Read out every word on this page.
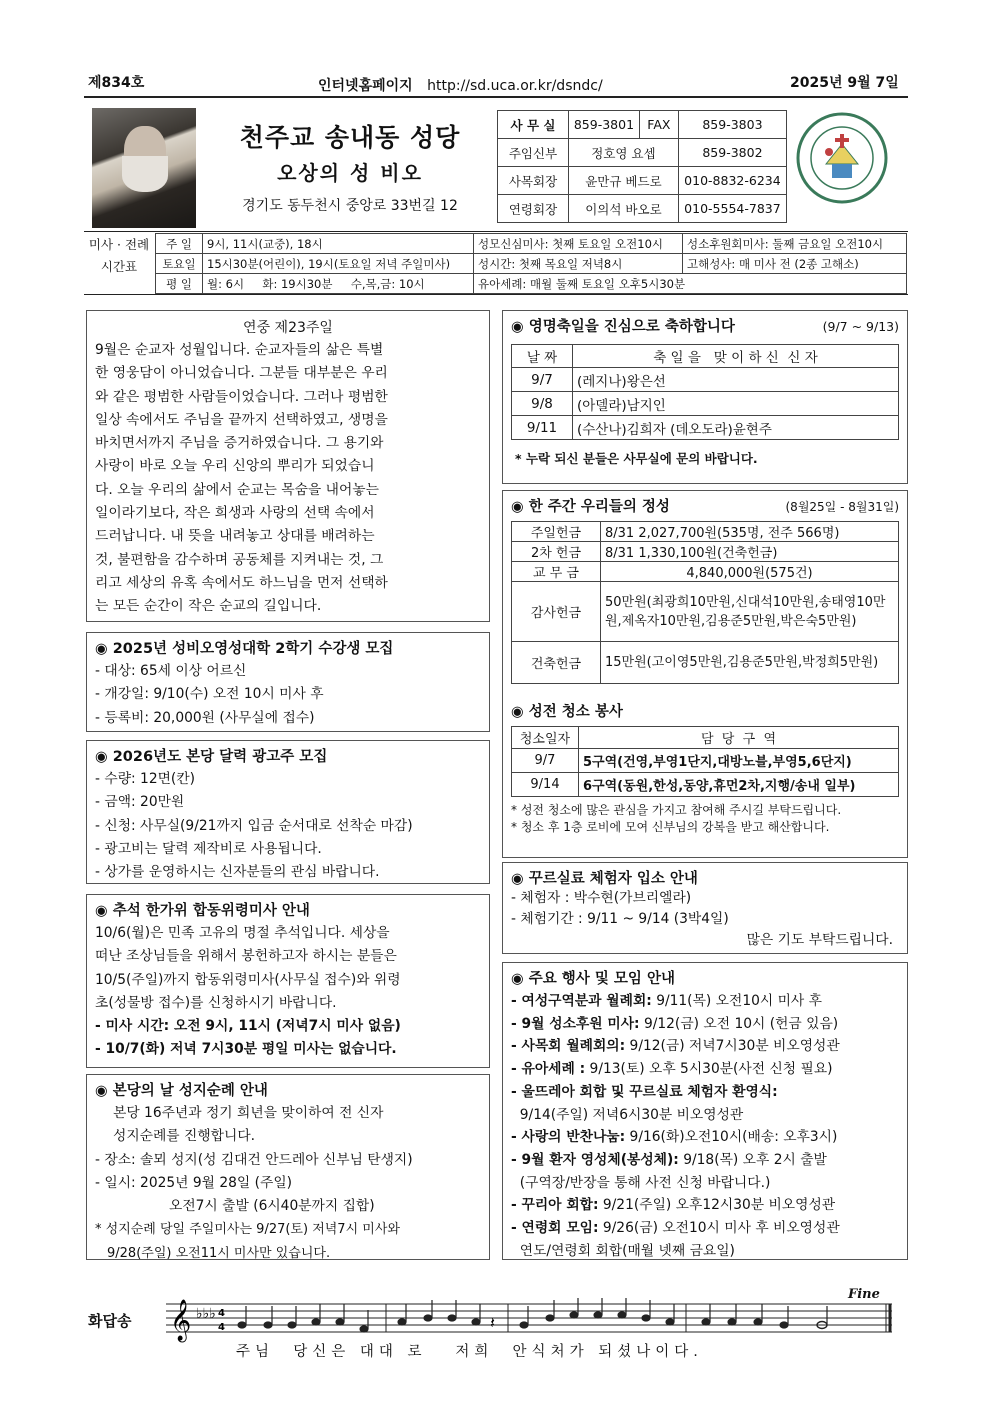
제834호	인터넷홈페이지 http://sd.uca.or.kr/dsndc/	2025년 9월 7일
천주교 송내동 성당
오상의 성 비오
경기도 동두천시 중앙로 33번길 12
사 무 실	859-3801	FAX	859-3803
주임신부	정호영 요셉		859-3802
사목회장	윤만규 베드로		010-8832-6234
연령회장	이의석 바오로		010-5554-7837
미사 · 전례 시간표
주 일	9시, 11시(교중), 18시	성모신심미사: 첫째 토요일 오전10시	성소후원회미사: 둘째 금요일 오전10시
토요일	15시30분(어린이), 19시(토요일 저녁 주일미사)	성시간: 첫째 목요일 저녁8시	고해성사: 매 미사 전 (2종 고해소)
평 일	월: 6시     화: 19시30분     수,목,금: 10시	유아세례: 매월 둘째 토요일 오후5시30분	
연중 제23주일
9월은 순교자 성월입니다. 순교자들의 삶은 특별
한 영웅담이 아니었습니다. 그분들 대부분은 우리
와 같은 평범한 사람들이었습니다. 그러나 평범한
일상 속에서도 주님을 끝까지 선택하였고, 생명을
바치면서까지 주님을 증거하였습니다. 그 용기와
사랑이 바로 오늘 우리 신앙의 뿌리가 되었습니
다. 오늘 우리의 삶에서 순교는 목숨을 내어놓는
일이라기보다, 작은 희생과 사랑의 선택 속에서
드러납니다. 내 뜻을 내려놓고 상대를 배려하는
것, 불편함을 감수하며 공동체를 지켜내는 것, 그
리고 세상의 유혹 속에서도 하느님을 먼저 선택하
는 모든 순간이 작은 순교의 길입니다.
◉ 2025년 성비오영성대학 2학기 수강생 모집
- 대상: 65세 이상 어르신
- 개강일: 9/10(수) 오전 10시 미사 후
- 등록비: 20,000원 (사무실에 접수)
◉ 2026년도 본당 달력 광고주 모집
- 수량: 12면(칸)
- 금액: 20만원
- 신청: 사무실(9/21까지 입금 순서대로 선착순 마감)
- 광고비는 달력 제작비로 사용됩니다.
- 상가를 운영하시는 신자분들의 관심 바랍니다.
◉ 추석 한가위 합동위령미사 안내
10/6(월)은 민족 고유의 명절 추석입니다. 세상을
떠난 조상님들을 위해서 봉헌하고자 하시는 분들은
10/5(주일)까지 합동위령미사(사무실 접수)와 위령
초(성물방 접수)를 신청하시기 바랍니다.
- 미사 시간: 오전 9시, 11시 (저녁7시 미사 없음)
- 10/7(화) 저녁 7시30분 평일 미사는 없습니다.
◉ 본당의 날 성지순례 안내
본당 16주년과 정기 희년을 맞이하여 전 신자
성지순례를 진행합니다.
- 장소: 솔뫼 성지(성 김대건 안드레아 신부님 탄생지)
- 일시: 2025년 9월 28일 (주일)
오전7시 출발 (6시40분까지 집합)
* 성지순례 당일 주일미사는 9/27(토) 저녁7시 미사와
9/28(주일) 오전11시 미사만 있습니다.
◉ 영명축일을 진심으로 축하합니다	(9/7 ~ 9/13)
날 짜	축 일 을   맞 이 하 신  신 자
9/7	(레지나)왕은선
9/8	(아델라)남지인
9/11	(수산나)김희자 (데오도라)윤현주
* 누락 되신 분들은 사무실에 문의 바랍니다.
◉ 한 주간 우리들의 정성	(8월25일 - 8월31일)
주일헌금	8/31 2,027,700원(535명, 전주 566명)
2차 헌금	8/31 1,330,100원(건축헌금)
교 무 금	4,840,000원(575건)
감사헌금	50만원(최광희10만원,신대석10만원,송태영10만원,제옥자10만원,김용준5만원,박은숙5만원)
건축헌금	15만원(고이영5만원,김용준5만원,박정희5만원)
◉ 성전 청소 봉사
청소일자	담  당  구  역
9/7	5구역(건영,부영1단지,대방노블,부영5,6단지)
9/14	6구역(동원,한성,동양,휴먼2차,지행/송내 일부)
* 성전 청소에 많은 관심을 가지고 참여해 주시길 부탁드립니다.
* 청소 후 1층 로비에 모여 신부님의 강복을 받고 해산합니다.
◉ 꾸르실료 체험자 입소 안내
- 체험자 : 박수현(가브리엘라)
- 체험기간 : 9/11 ~ 9/14 (3박4일)
많은 기도 부탁드립니다.
◉ 주요 행사 및 모임 안내
- 여성구역분과 월례회: 9/11(목) 오전10시 미사 후
- 9월 성소후원 미사: 9/12(금) 오전 10시 (헌금 있음)
- 사목회 월례회의: 9/12(금) 저녁7시30분 비오영성관
- 유아세례 : 9/13(토) 오후 5시30분(사전 신청 필요)
- 울뜨레아 회합 및 꾸르실료 체험자 환영식:
9/14(주일) 저녁6시30분 비오영성관
- 사랑의 반찬나눔: 9/16(화)오전10시(배송: 오후3시)
- 9월 환자 영성체(봉성체): 9/18(목) 오후 2시 출발
(구역장/반장을 통해 사전 신청 바랍니다.)
- 꾸리아 회합: 9/21(주일) 오후12시30분 비오영성관
- 연령회 모임: 9/26(금) 오전10시 미사 후 비오영성관
연도/연령회 회합(매월 넷째 금요일)
화답송
Fine
𝄞 ♭♭♭ 4
4	𝄽
주님  당신은 대대 로   저희  안식처가 되셨나이다.
